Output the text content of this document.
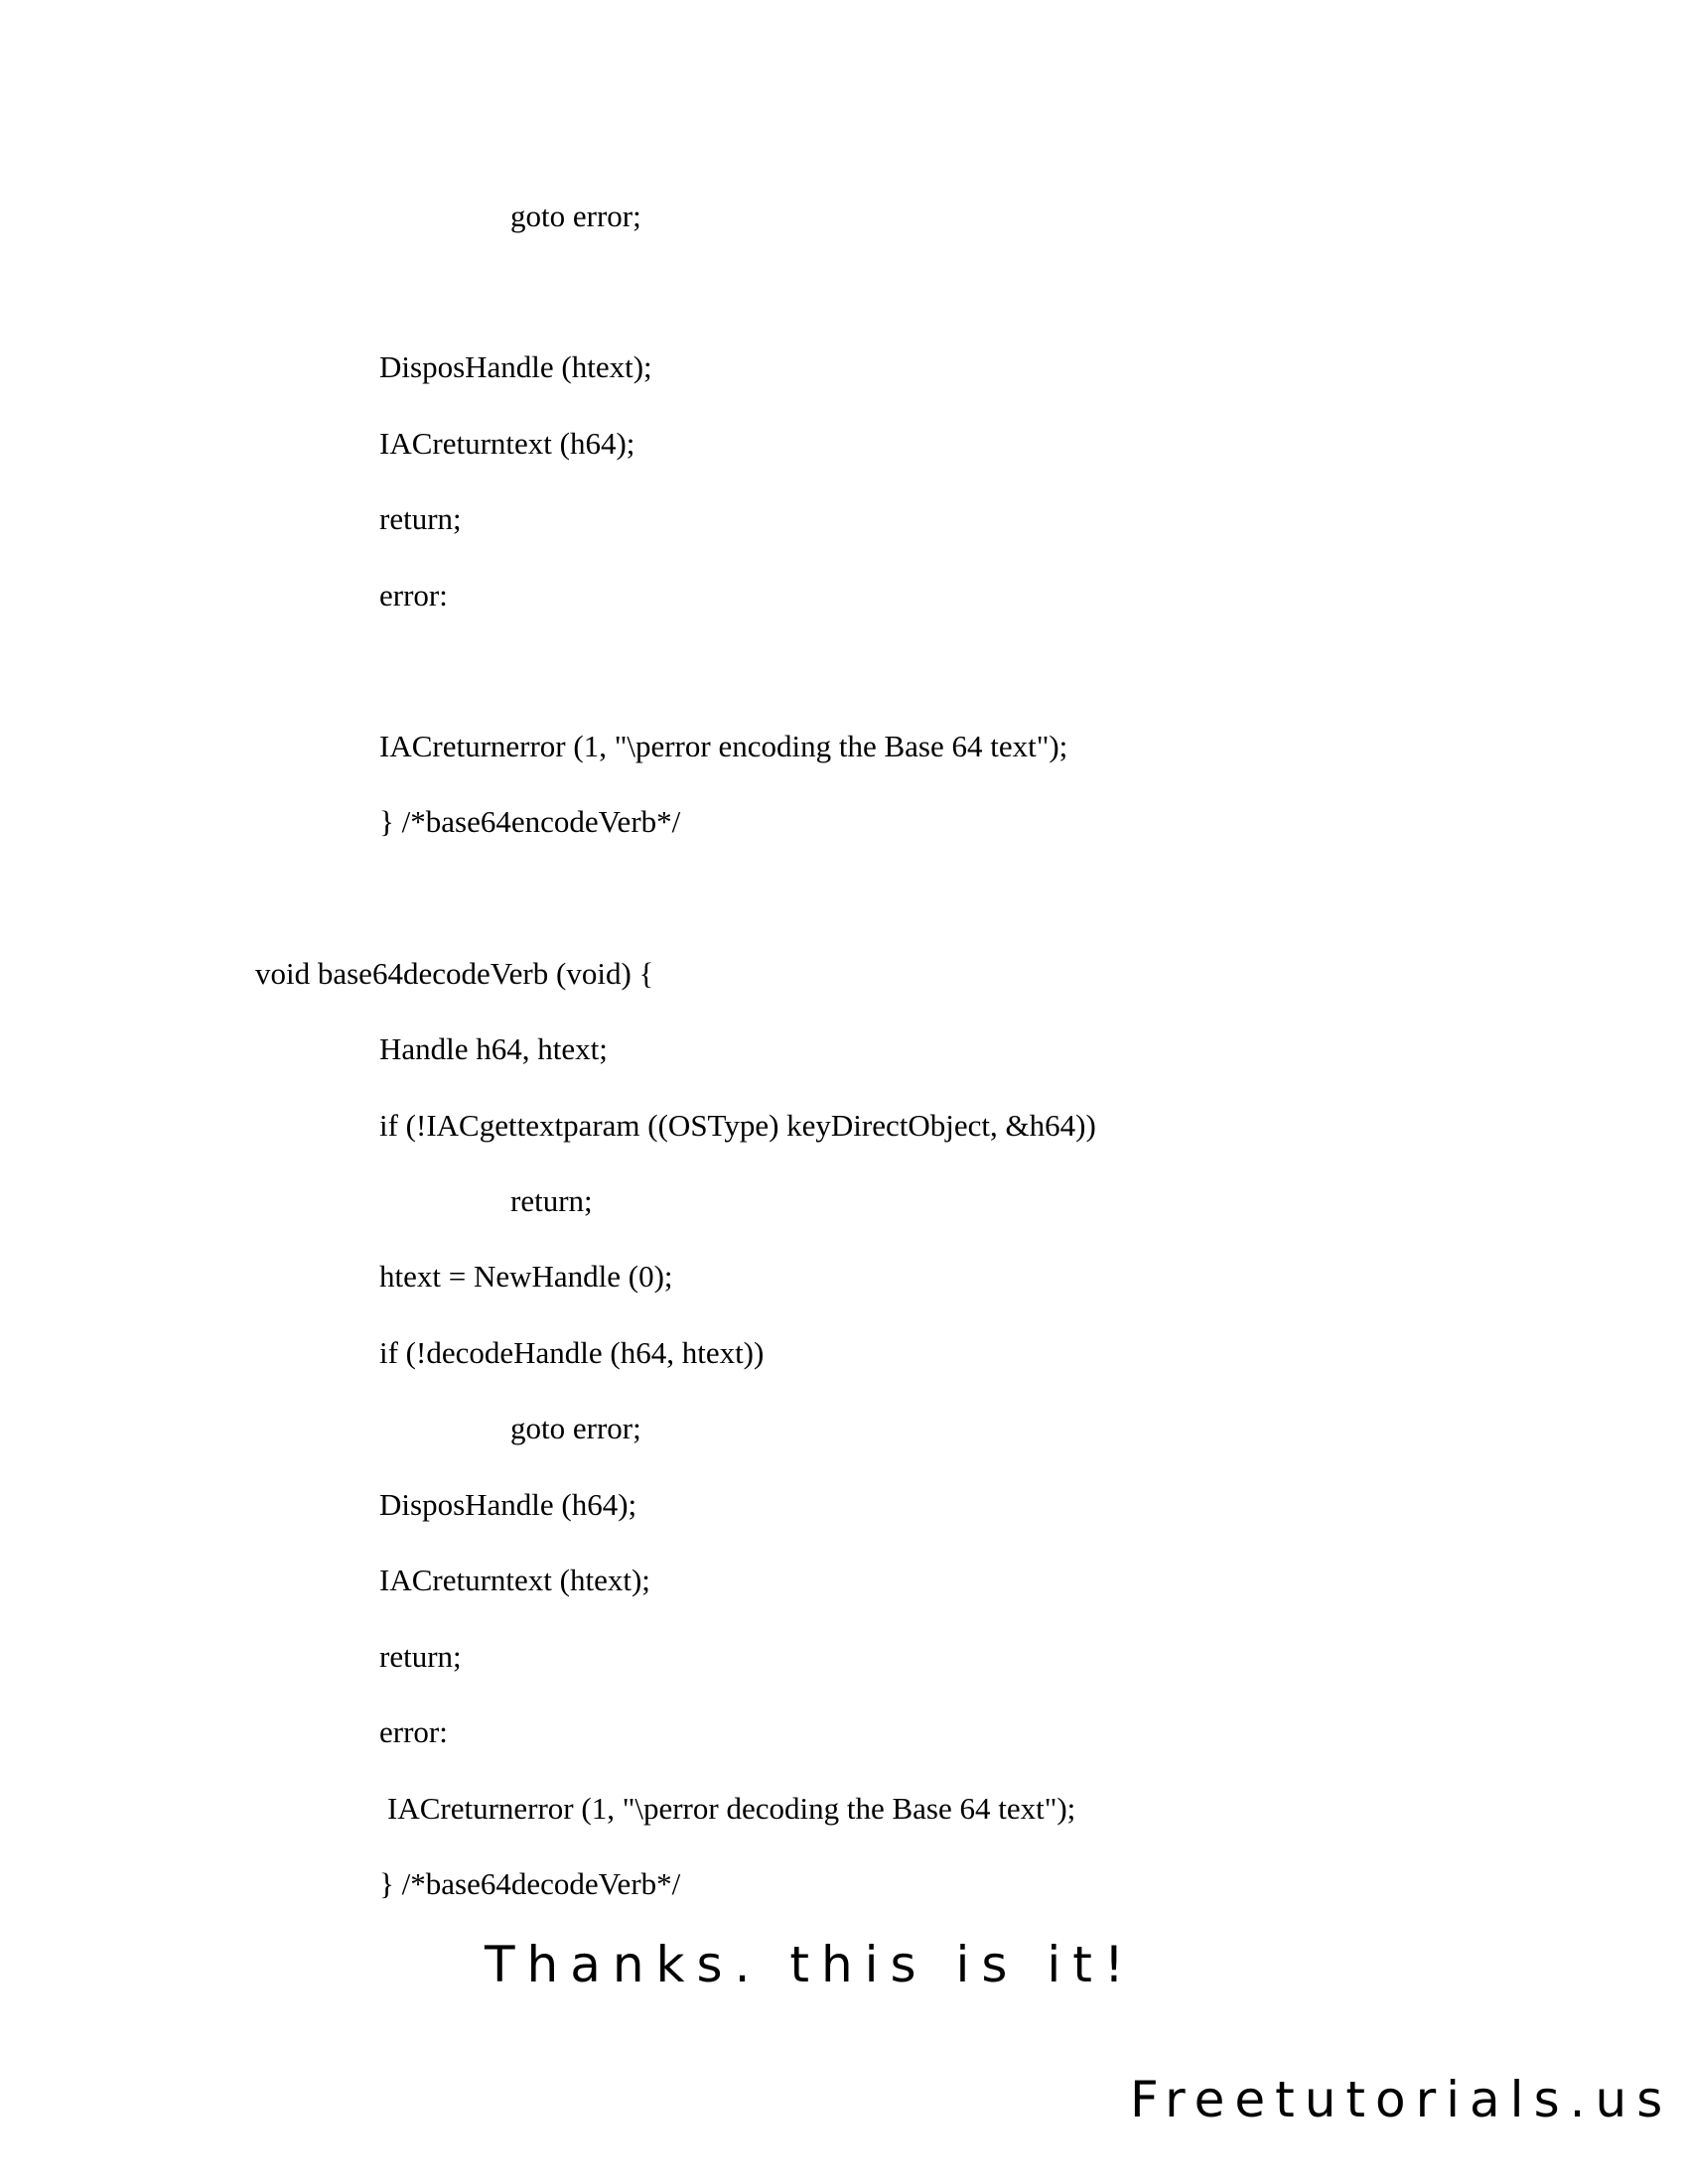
goto error;
DisposHandle (htext);
IACreturntext (h64);
return;
error:
IACreturnerror (1, "\perror encoding the Base 64 text");
} /*base64encodeVerb*/
void base64decodeVerb (void) {
Handle h64, htext;
if (!IACgettextparam ((OSType) keyDirectObject, &h64))
return;
htext = NewHandle (0);
if (!decodeHandle (h64, htext))
goto error;
DisposHandle (h64);
IACreturntext (htext);
return;
error:
IACreturnerror (1, "\perror decoding the Base 64 text");
} /*base64decodeVerb*/
Thanks. this is it!
Freetutorials.us
